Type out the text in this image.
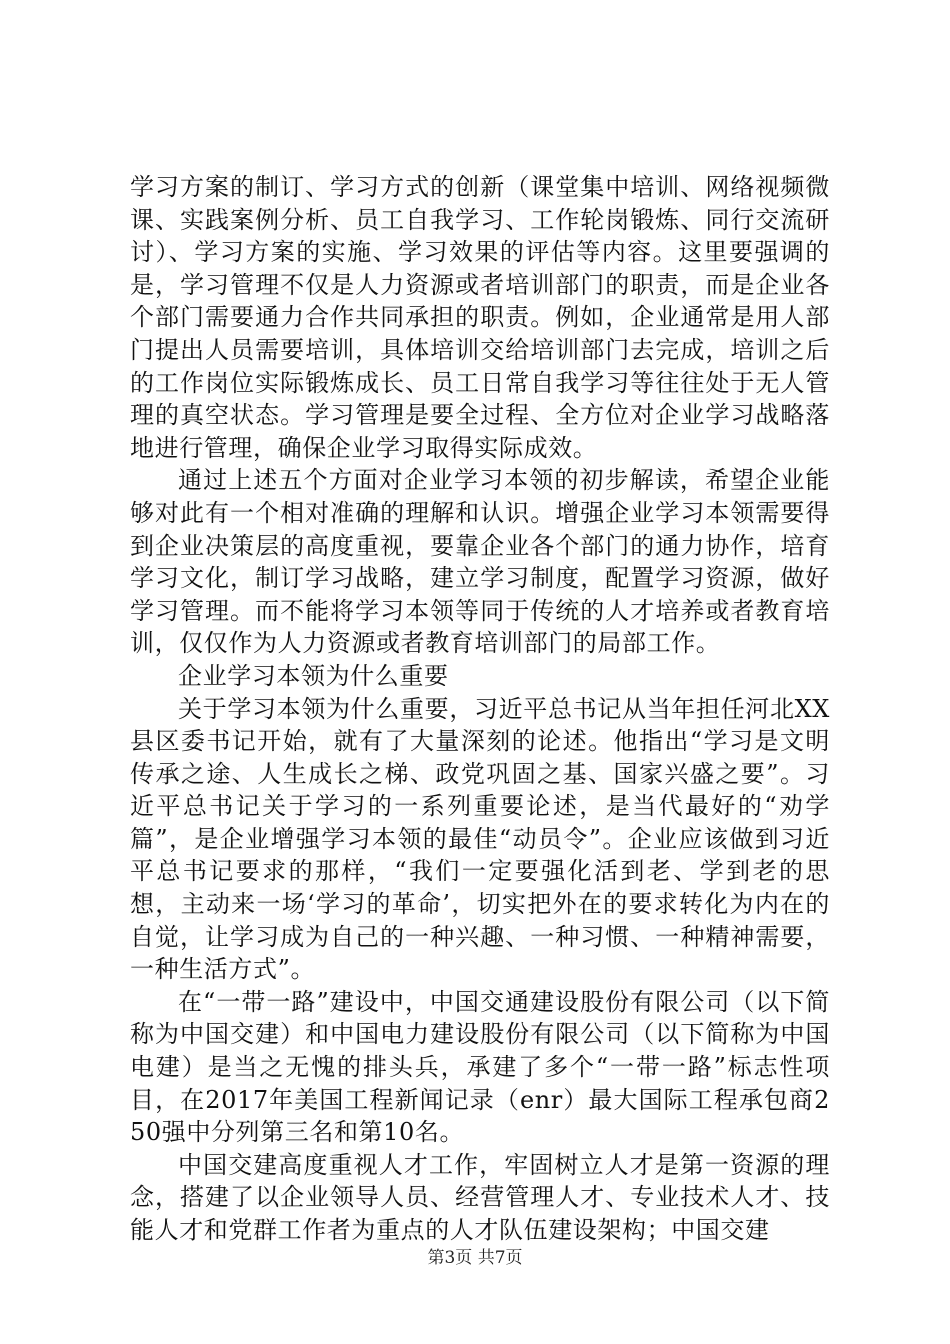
学习方案的制订、学习方式的创新（课堂集中培训、网络视频微课、实践案例分析、员工自我学习、工作轮岗锻炼、同行交流研讨）、学习方案的实施、学习效果的评估等内容。这里要强调的是，学习管理不仅是人力资源或者培训部门的职责，而是企业各个部门需要通力合作共同承担的职责。例如，企业通常是用人部门提出人员需要培训，具体培训交给培训部门去完成，培训之后的工作岗位实际锻炼成长、员工日常自我学习等往往处于无人管理的真空状态。学习管理是要全过程、全方位对企业学习战略落地进行管理，确保企业学习取得实际成效。

通过上述五个方面对企业学习本领的初步解读，希望企业能够对此有一个相对准确的理解和认识。增强企业学习本领需要得到企业决策层的高度重视，要靠企业各个部门的通力协作，培育学习文化，制订学习战略，建立学习制度，配置学习资源，做好学习管理。而不能将学习本领等同于传统的人才培养或者教育培训，仅仅作为人力资源或者教育培训部门的局部工作。

企业学习本领为什么重要

关于学习本领为什么重要，习近平总书记从当年担任河北XX县区委书记开始，就有了大量深刻的论述。他指出“学习是文明传承之途、人生成长之梯、政党巩固之基、国家兴盛之要”。习近平总书记关于学习的一系列重要论述，是当代最好的“劝学篇”，是企业增强学习本领的最佳“动员令”。企业应该做到习近平总书记要求的那样，“我们一定要强化活到老、学到老的思想，主动来一场‘学习的革命’，切实把外在的要求转化为内在的自觉，让学习成为自己的一种兴趣、一种习惯、一种精神需要，一种生活方式”。

在“一带一路”建设中，中国交通建设股份有限公司（以下简称为中国交建）和中国电力建设股份有限公司（以下简称为中国电建）是当之无愧的排头兵，承建了多个“一带一路”标志性项目，在2017年美国工程新闻记录（enr）最大国际工程承包商250强中分列第三名和第10名。

中国交建高度重视人才工作，牢固树立人才是第一资源的理念，搭建了以企业领导人员、经营管理人才、专业技术人才、技能人才和党群工作者为重点的人才队伍建设架构；中国交建

第3页 共7页
